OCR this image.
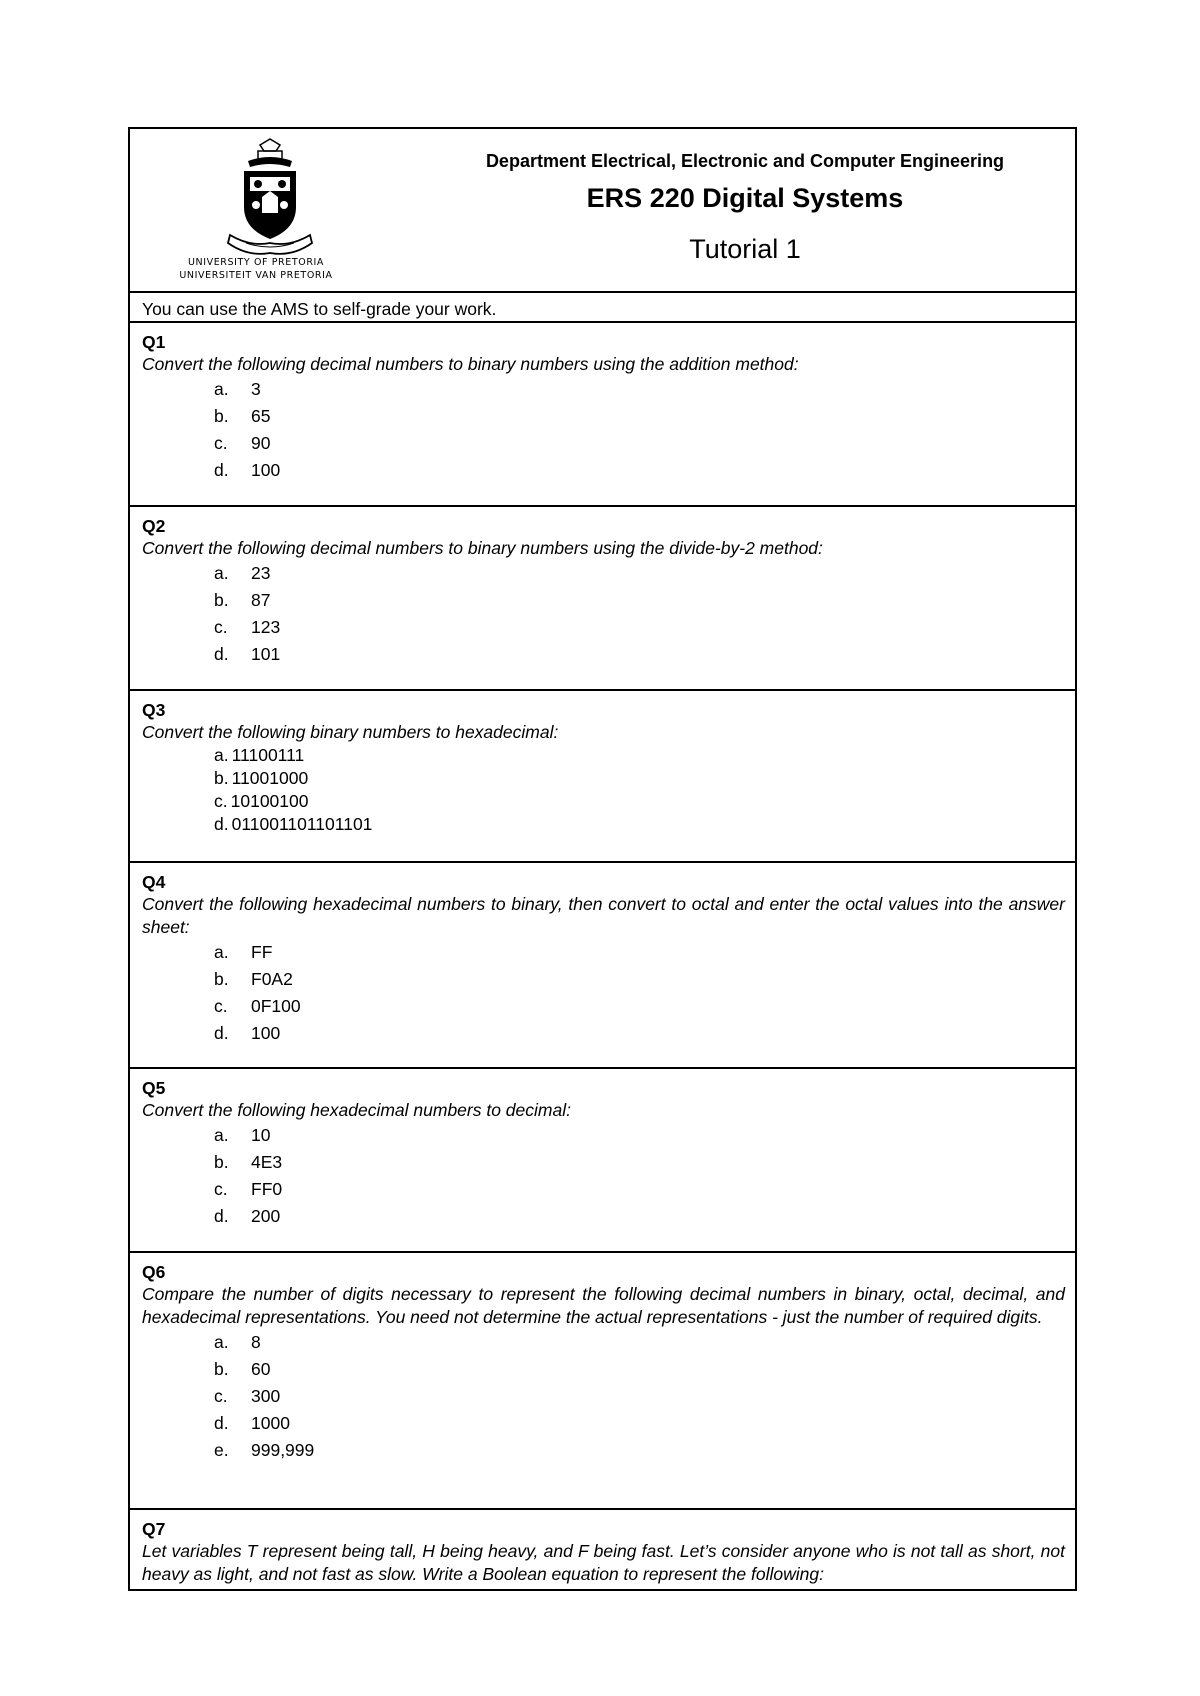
UNIVERSITY OF PRETORIA
UNIVERSITEIT VAN PRETORIA
Department Electrical, Electronic and Computer Engineering
ERS 220 Digital Systems
Tutorial 1
You can use the AMS to self-grade your work.
Q1
Convert the following decimal numbers to binary numbers using the addition method:
a. 3
b. 65
c. 90
d. 100
Q2
Convert the following decimal numbers to binary numbers using the divide-by-2 method:
a. 23
b. 87
c. 123
d. 101
Q3
Convert the following binary numbers to hexadecimal:
a. 11100111
b. 11001000
c. 10100100
d. 011001101101101
Q4
Convert the following hexadecimal numbers to binary, then convert to octal and enter the octal values into the answer sheet:
a. FF
b. F0A2
c. 0F100
d. 100
Q5
Convert the following hexadecimal numbers to decimal:
a. 10
b. 4E3
c. FF0
d. 200
Q6
Compare the number of digits necessary to represent the following decimal numbers in binary, octal, decimal, and hexadecimal representations. You need not determine the actual representations - just the number of required digits.
a. 8
b. 60
c. 300
d. 1000
e. 999,999
Q7
Let variables T represent being tall, H being heavy, and F being fast. Let’s consider anyone who is not tall as short, not heavy as light, and not fast as slow. Write a Boolean equation to represent the following:
